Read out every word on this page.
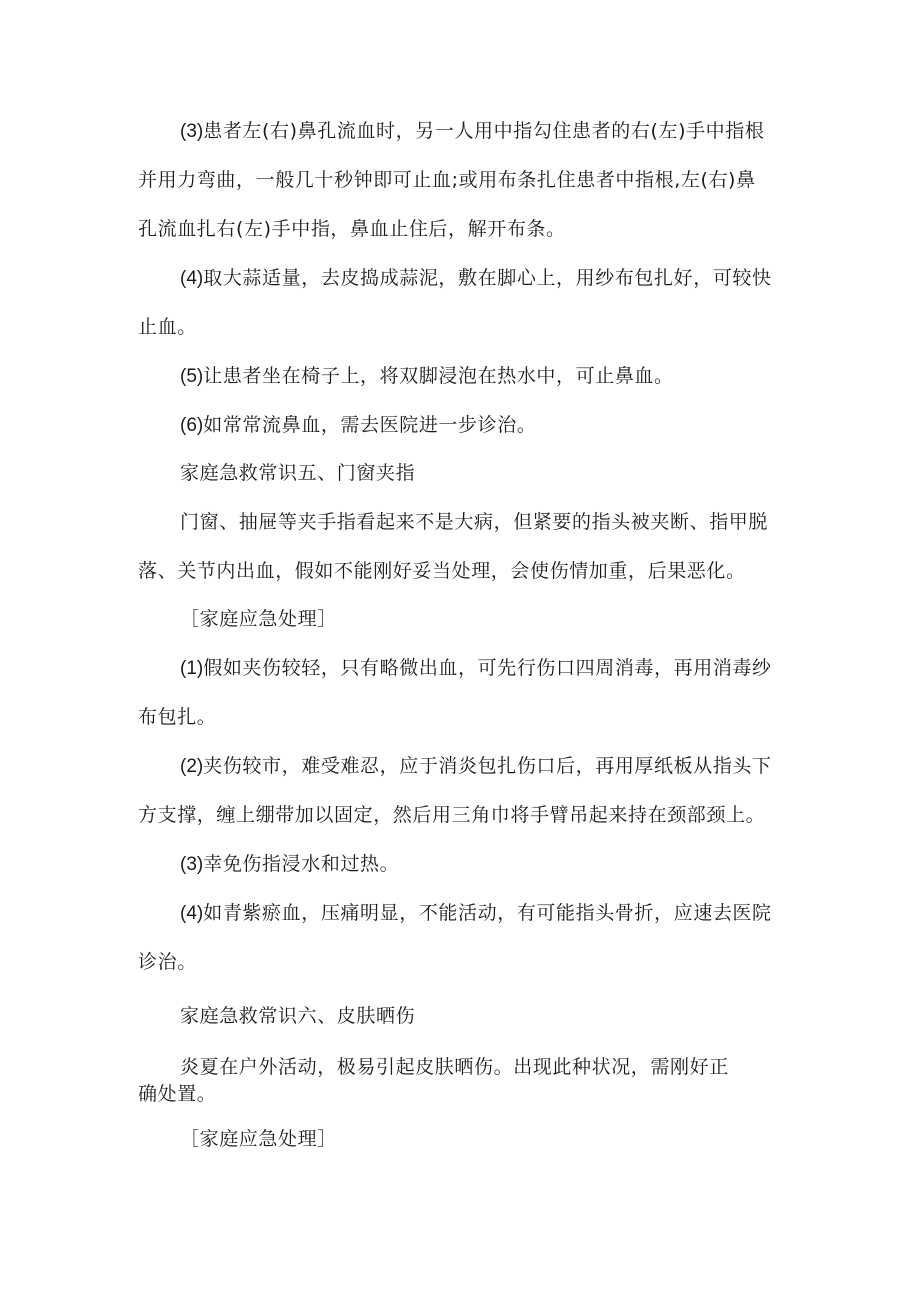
(3)患者左(右)鼻孔流血时，另一人用中指勾住患者的右(左)手中指根

并用力弯曲，一般几十秒钟即可止血;或用布条扎住患者中指根,左(右)鼻

孔流血扎右(左)手中指，鼻血止住后，解开布条。

(4)取大蒜适量，去皮捣成蒜泥，敷在脚心上，用纱布包扎好，可较快

止血。

(5)让患者坐在椅子上，将双脚浸泡在热水中，可止鼻血。

(6)如常常流鼻血，需去医院进一步诊治。

家庭急救常识五、门窗夹指

门窗、抽屉等夹手指看起来不是大病，但紧要的指头被夹断、指甲脱

落、关节内出血，假如不能刚好妥当处理，会使伤情加重，后果恶化。

［家庭应急处理］

(1)假如夹伤较轻，只有略微出血，可先行伤口四周消毒，再用消毒纱

布包扎。

(2)夹伤较市，难受难忍，应于消炎包扎伤口后，再用厚纸板从指头下

方支撑，缠上绷带加以固定，然后用三角巾将手臂吊起来持在颈部颈上。

(3)幸免伤指浸水和过热。

(4)如青紫瘀血，压痛明显，不能活动，有可能指头骨折，应速去医院

诊治。

家庭急救常识六、皮肤晒伤

炎夏在户外活动，极易引起皮肤晒伤。出现此种状况，需刚好正

确处置。

［家庭应急处理］
